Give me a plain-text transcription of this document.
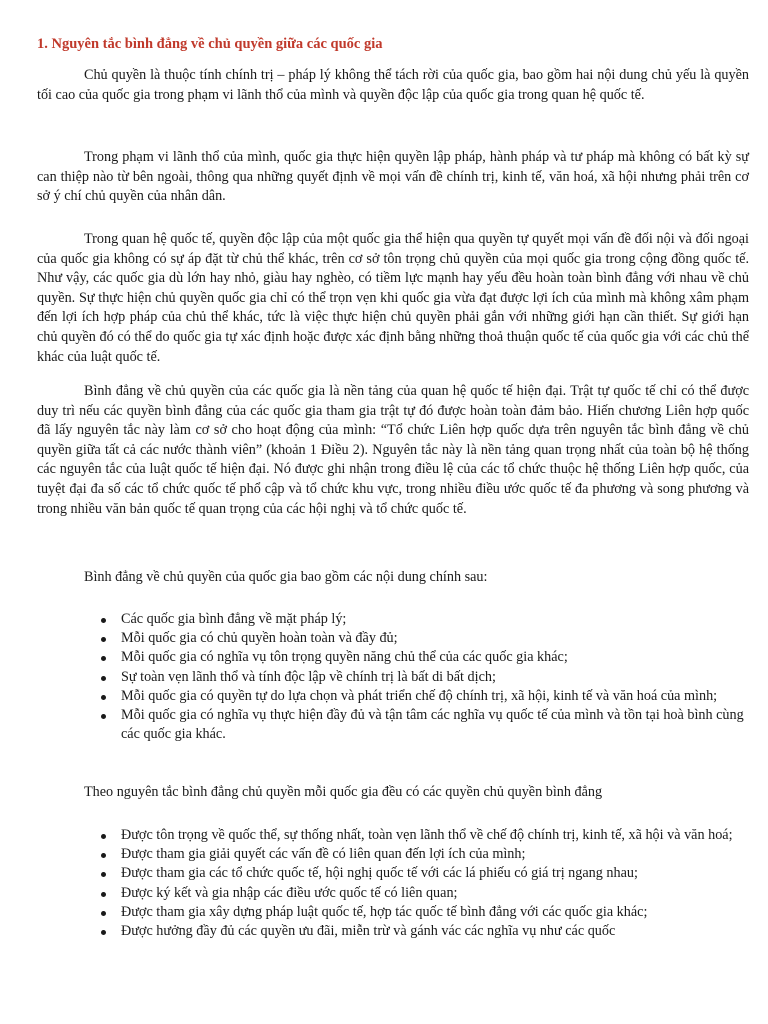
1. Nguyên tắc bình đẳng về chủ quyền giữa các quốc gia

Chủ quyền là thuộc tính chính trị – pháp lý không thể tách rời của quốc gia, bao gồm hai nội dung chủ yếu là quyền tối cao của quốc gia trong phạm vi lãnh thổ của mình và quyền độc lập của quốc gia trong quan hệ quốc tế.

Trong phạm vi lãnh thổ của mình, quốc gia thực hiện quyền lập pháp, hành pháp và tư pháp mà không có bất kỳ sự can thiệp nào từ bên ngoài, thông qua những quyết định về mọi vấn đề chính trị, kinh tế, văn hoá, xã hội nhưng phải trên cơ sở ý chí chủ quyền của nhân dân.

Trong quan hệ quốc tế, quyền độc lập của một quốc gia thể hiện qua quyền tự quyết mọi vấn đề đối nội và đối ngoại của quốc gia không có sự áp đặt từ chủ thể khác, trên cơ sở tôn trọng chủ quyền của mọi quốc gia trong cộng đồng quốc tế. Như vậy, các quốc gia dù lớn hay nhỏ, giàu hay nghèo, có tiềm lực mạnh hay yếu đều hoàn toàn bình đẳng với nhau về chủ quyền. Sự thực hiện chủ quyền quốc gia chỉ có thể trọn vẹn khi quốc gia vừa đạt được lợi ích của mình mà không xâm phạm đến lợi ích hợp pháp của chủ thể khác, tức là việc thực hiện chủ quyền phải gắn với những giới hạn cần thiết. Sự giới hạn chủ quyền đó có thể do quốc gia tự xác định hoặc được xác định bằng những thoả thuận quốc tế của quốc gia với các chủ thể khác của luật quốc tế.

Bình đẳng về chủ quyền của các quốc gia là nền tảng của quan hệ quốc tế hiện đại. Trật tự quốc tế chỉ có thể được duy trì nếu các quyền bình đẳng của các quốc gia tham gia trật tự đó được hoàn toàn đảm bảo. Hiến chương Liên hợp quốc đã lấy nguyên tắc này làm cơ sở cho hoạt động của mình: “Tổ chức Liên hợp quốc dựa trên nguyên tắc bình đẳng về chủ quyền giữa tất cả các nước thành viên” (khoản 1 Điều 2). Nguyên tắc này là nền tảng quan trọng nhất của toàn bộ hệ thống các nguyên tắc của luật quốc tế hiện đại. Nó được ghi nhận trong điều lệ của các tổ chức thuộc hệ thống Liên hợp quốc, của tuyệt đại đa số các tổ chức quốc tế phổ cập và tổ chức khu vực, trong nhiều điều ước quốc tế đa phương và song phương và trong nhiều văn bản quốc tế quan trọng của các hội nghị và tổ chức quốc tế.

Bình đẳng về chủ quyền của quốc gia bao gồm các nội dung chính sau:

Các quốc gia bình đẳng về mặt pháp lý;
Mỗi quốc gia có chủ quyền hoàn toàn và đầy đủ;
Mỗi quốc gia có nghĩa vụ tôn trọng quyền năng chủ thể của các quốc gia khác;
Sự toàn vẹn lãnh thổ và tính độc lập về chính trị là bất di bất dịch;
Mỗi quốc gia có quyền tự do lựa chọn và phát triển chế độ chính trị, xã hội, kinh tế và văn hoá của mình;
Mỗi quốc gia có nghĩa vụ thực hiện đầy đủ và tận tâm các nghĩa vụ quốc tế của mình và tồn tại hoà bình cùng các quốc gia khác.

Theo nguyên tắc bình đẳng chủ quyền mỗi quốc gia đều có các quyền chủ quyền bình đẳng

Được tôn trọng về quốc thể, sự thống nhất, toàn vẹn lãnh thổ về chế độ chính trị, kinh tế, xã hội và văn hoá;
Được tham gia giải quyết các vấn đề có liên quan đến lợi ích của mình;
Được tham gia các tổ chức quốc tế, hội nghị quốc tế với các lá phiếu có giá trị ngang nhau;
Được ký kết và gia nhập các điều ước quốc tế có liên quan;
Được tham gia xây dựng pháp luật quốc tế, hợp tác quốc tế bình đẳng với các quốc gia khác;
Được hưởng đầy đủ các quyền ưu đãi, miễn trừ và gánh vác các nghĩa vụ như các quốc
